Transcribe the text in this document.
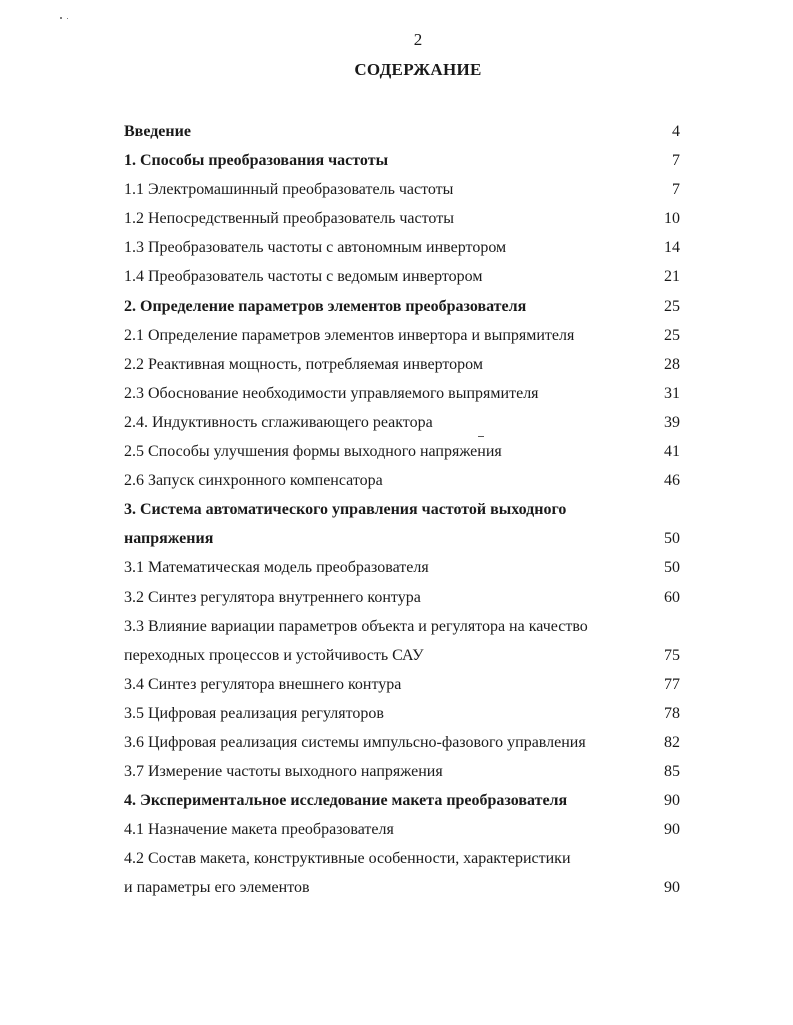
2
СОДЕРЖАНИЕ
Введение	4
1. Способы преобразования частоты	7
1.1 Электромашинный преобразователь частоты	7
1.2 Непосредственный преобразователь частоты	10
1.3 Преобразователь частоты с автономным инвертором	14
1.4 Преобразователь частоты с ведомым инвертором	21
2. Определение параметров элементов преобразователя	25
2.1 Определение параметров элементов инвертора и выпрямителя	25
2.2 Реактивная мощность, потребляемая инвертором	28
2.3 Обоснование необходимости управляемого выпрямителя	31
2.4. Индуктивность сглаживающего реактора	39
2.5 Способы улучшения формы выходного напряжения	41
2.6 Запуск синхронного компенсатора	46
3. Система автоматического управления частотой выходного
напряжения	50
3.1 Математическая модель преобразователя	50
3.2 Синтез регулятора внутреннего контура	60
3.3 Влияние вариации параметров объекта и регулятора на качество
переходных процессов и устойчивость САУ	75
3.4 Синтез регулятора внешнего контура	77
3.5 Цифровая реализация регуляторов	78
3.6 Цифровая реализация системы импульсно-фазового управления	82
3.7 Измерение частоты выходного напряжения	85
4. Экспериментальное исследование макета преобразователя	90
4.1 Назначение макета преобразователя	90
4.2 Состав макета, конструктивные особенности, характеристики
и параметры его элементов	90
